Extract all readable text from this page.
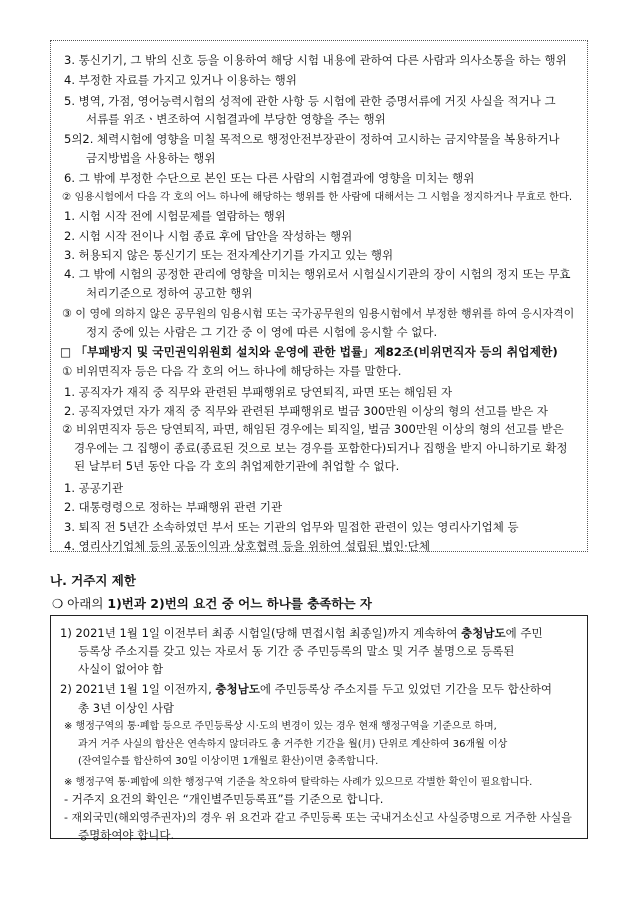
3. 통신기기, 그 밖의 신호 등을 이용하여 해당 시험 내용에 관하여 다른 사람과 의사소통을 하는 행위
4. 부정한 자료를 가지고 있거나 이용하는 행위
5. 병역, 가점, 영어능력시험의 성적에 관한 사항 등 시험에 관한 증명서류에 거짓 사실을 적거나 그
서류를 위조ㆍ변조하여 시험결과에 부당한 영향을 주는 행위
5의2. 체력시험에 영향을 미칠 목적으로 행정안전부장관이 정하여 고시하는 금지약물을 복용하거나
금지방법을 사용하는 행위
6. 그 밖에 부정한 수단으로 본인 또는 다른 사람의 시험결과에 영향을 미치는 행위
② 임용시험에서 다음 각 호의 어느 하나에 해당하는 행위를 한 사람에 대해서는 그 시험을 정지하거나 무효로 한다.
1. 시험 시작 전에 시험문제를 열람하는 행위
2. 시험 시작 전이나 시험 종료 후에 답안을 작성하는 행위
3. 허용되지 않은 통신기기 또는 전자계산기기를 가지고 있는 행위
4. 그 밖에 시험의 공정한 관리에 영향을 미치는 행위로서 시험실시기관의 장이 시험의 정지 또는 무효
처리기준으로 정하여 공고한 행위
③ 이 영에 의하지 않은 공무원의 임용시험 또는 국가공무원의 임용시험에서 부정한 행위를 하여 응시자격이
정지 중에 있는 사람은 그 기간 중 이 영에 따른 시험에 응시할 수 없다.
□ 「부패방지 및 국민권익위원회 설치와 운영에 관한 법률」제82조(비위면직자 등의 취업제한)
① 비위면직자 등은 다음 각 호의 어느 하나에 해당하는 자를 말한다.
1. 공직자가 재직 중 직무와 관련된 부패행위로 당연퇴직, 파면 또는 해임된 자
2. 공직자였던 자가 재직 중 직무와 관련된 부패행위로 벌금 300만원 이상의 형의 선고를 받은 자
② 비위면직자 등은 당연퇴직, 파면, 해임된 경우에는 퇴직일, 벌금 300만원 이상의 형의 선고를 받은
경우에는 그 집행이 종료(종료된 것으로 보는 경우를 포함한다)되거나 집행을 받지 아니하기로 확정
된 날부터 5년 동안 다음 각 호의 취업제한기관에 취업할 수 없다.
1. 공공기관
2. 대통령령으로 정하는 부패행위 관련 기관
3. 퇴직 전 5년간 소속하였던 부서 또는 기관의 업무와 밀접한 관련이 있는 영리사기업체 등
4. 영리사기업체 등의 공동이익과 상호협력 등을 위하여 설립된 법인·단체
나. 거주지 제한
❍ 아래의 1)번과 2)번의 요건 중 어느 하나를 충족하는 자
1) 2021년 1월 1일 이전부터 최종 시험일(당해 면접시험 최종일)까지 계속하여 충청남도에 주민
등록상 주소지를 갖고 있는 자로서 동 기간 중 주민등록의 말소 및 거주 불명으로 등록된
사실이 없어야 함
2) 2021년 1월 1일 이전까지, 충청남도에 주민등록상 주소지를 두고 있었던 기간을 모두 합산하여
총 3년 이상인 사람
※ 행정구역의 통·폐합 등으로 주민등록상 시·도의 변경이 있는 경우 현재 행정구역을 기준으로 하며,
과거 거주 사실의 합산은 연속하지 않더라도 총 거주한 기간을 월(月) 단위로 계산하여 36개월 이상
(잔여일수를 합산하여 30일 이상이면 1개월로 환산)이면 충족합니다.
※ 행정구역 통·폐합에 의한 행정구역 기준을 착오하여 탈락하는 사례가 있으므로 각별한 확인이 필요합니다.
- 거주지 요건의 확인은 “개인별주민등록표”를 기준으로 합니다.
- 재외국민(해외영주권자)의 경우 위 요건과 같고 주민등록 또는 국내거소신고 사실증명으로 거주한 사실을
증명하여야 합니다.
